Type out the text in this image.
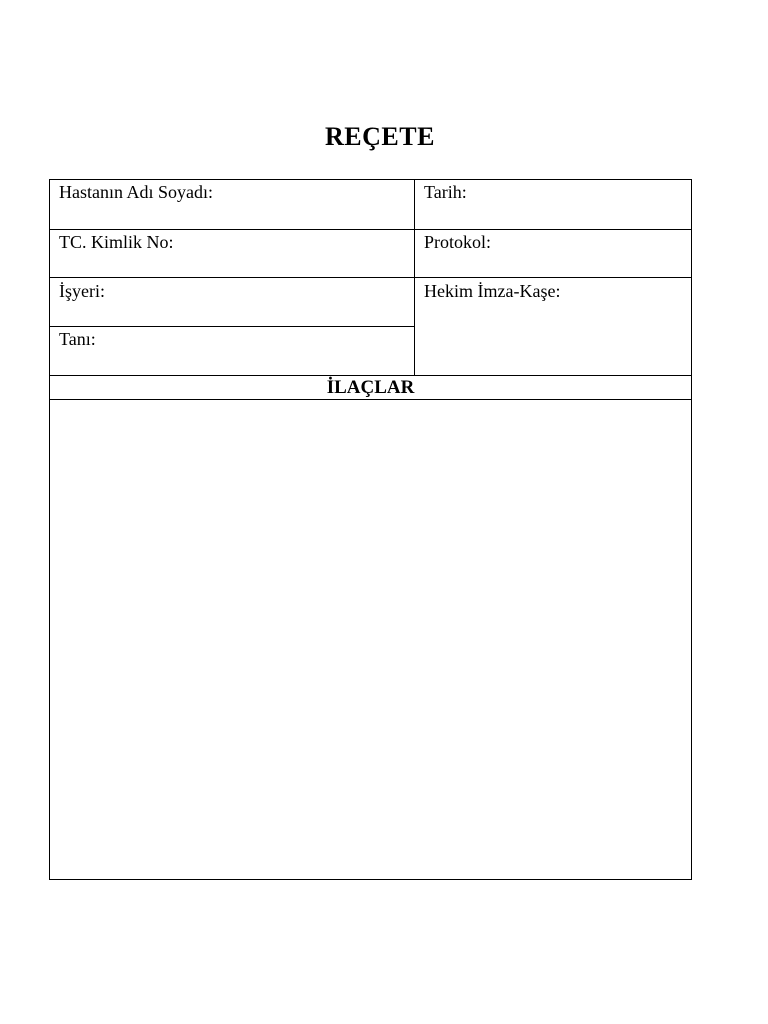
REÇETE
Hastanın Adı Soyadı:	Tarih:
TC. Kimlik No:	Protokol:
İşyeri:	Hekim İmza-Kaşe:
Tanı:
İLAÇLAR
